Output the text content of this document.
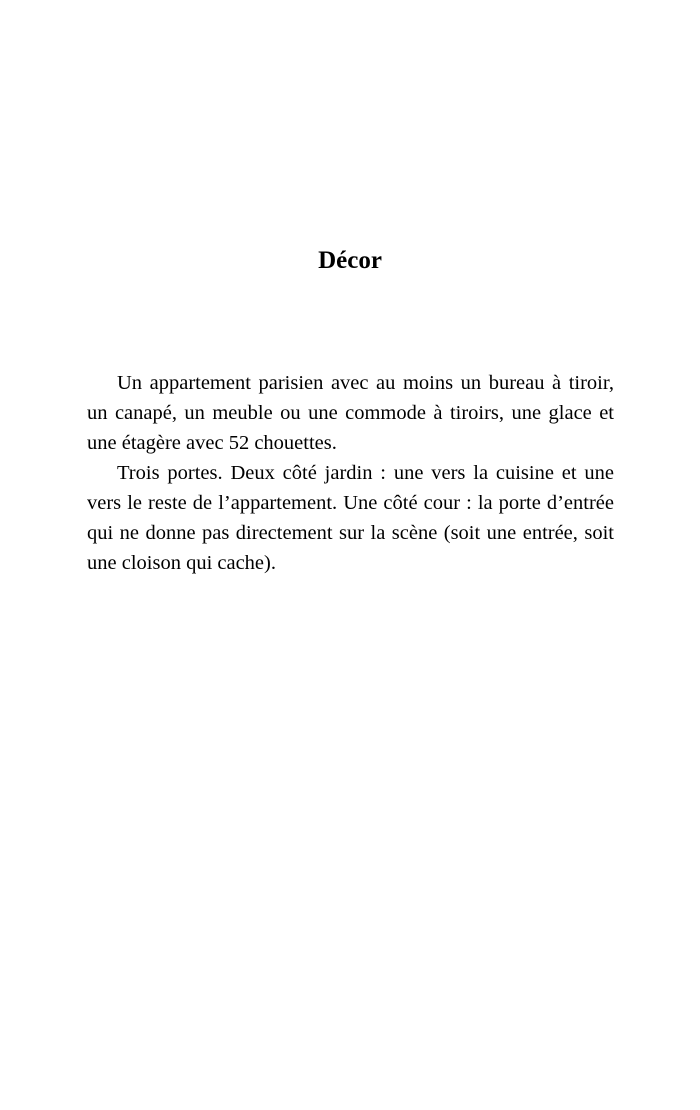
Décor

Un appartement parisien avec au moins un bureau à tiroir, un canapé, un meuble ou une commode à tiroirs, une glace et une étagère avec 52 chouettes.

Trois portes. Deux côté jardin : une vers la cuisine et une vers le reste de l’appartement. Une côté cour : la porte d’entrée qui ne donne pas directement sur la scène (soit une entrée, soit une cloison qui cache).
